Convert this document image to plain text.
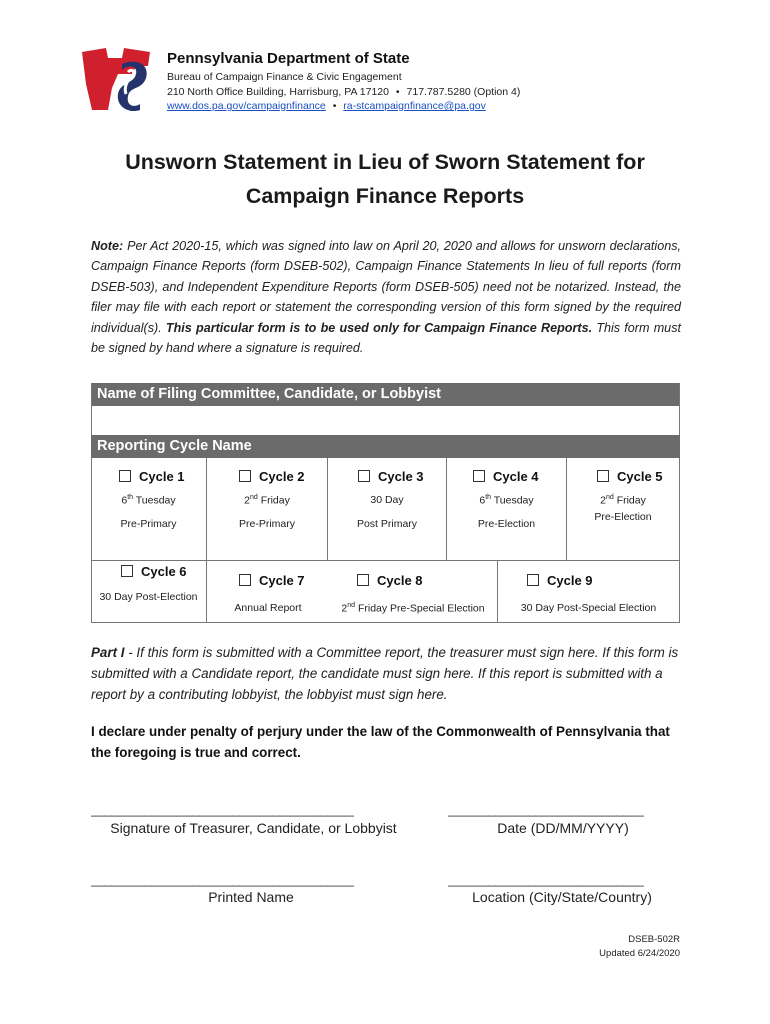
Pennsylvania Department of State
Bureau of Campaign Finance & Civic Engagement
210 North Office Building, Harrisburg, PA 17120 • 717.787.5280 (Option 4)
www.dos.pa.gov/campaignfinance • ra-stcampaignfinance@pa.gov
Unsworn Statement in Lieu of Sworn Statement for
Campaign Finance Reports
Note: Per Act 2020-15, which was signed into law on April 20, 2020 and allows for unsworn declarations, Campaign Finance Reports (form DSEB-502), Campaign Finance Statements In lieu of full reports (form DSEB-503), and Independent Expenditure Reports (form DSEB-505) need not be notarized. Instead, the filer may file with each report or statement the corresponding version of this form signed by the required individual(s). This particular form is to be used only for Campaign Finance Reports. This form must be signed by hand where a signature is required.
Name of Filing Committee, Candidate, or Lobbyist
Reporting Cycle Name
Cycle 1
6th Tuesday
Pre-Primary
Cycle 2
2nd Friday
Pre-Primary
Cycle 3
30 Day
Post Primary
Cycle 4
6th Tuesday
Pre-Election
Cycle 5
2nd Friday
Pre-Election
Cycle 6
30 Day Post-Election
Cycle 7
Annual Report
Cycle 8
2nd Friday Pre-Special Election
Cycle 9
30 Day Post-Special Election
Part I - If this form is submitted with a Committee report, the treasurer must sign here. If this form is submitted with a Candidate report, the candidate must sign here. If this report is submitted with a report by a contributing lobbyist, the lobbyist must sign here.
I declare under penalty of perjury under the law of the Commonwealth of Pennsylvania that the foregoing is true and correct.
_______________________________________
Signature of Treasurer, Candidate, or Lobbyist
_____________________________
Date (DD/MM/YYYY)
_______________________________________
Printed Name
_____________________________
Location (City/State/Country)
DSEB-502R
Updated 6/24/2020
